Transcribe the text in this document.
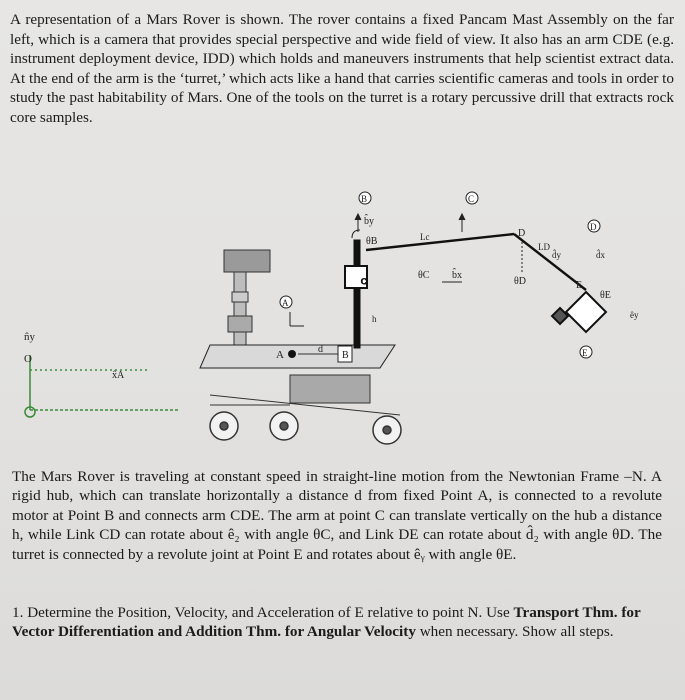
A representation of a Mars Rover is shown. The rover contains a fixed Pancam Mast Assembly on the far left, which is a camera that provides special perspective and wide field of view. It also has an arm CDE (e.g. instrument deployment device, IDD) which holds and maneuvers instruments that help scientist extract data. At the end of the arm is the ‘turret,’ which acts like a hand that carries scientific cameras and tools in order to study the past habitability of Mars. One of the tools on the turret is a rotary percussive drill that extracts rock core samples.
n̂y
O
x̂A
A	d
B
A
B	C
D
E
C
h
b̂y
θB	Lc
θC b̂x
D
θD
LD
d̂y	d̂x
E
θE
êy

The Mars Rover is traveling at constant speed in straight-line motion from the Newtonian Frame –N. A rigid hub, which can translate horizontally a distance d from fixed Point A, is connected to a revolute motor at Point B and connects arm CDE. The arm at point C can translate vertically on the hub a distance h, while Link CD can rotate about ê₂ with angle θC, and Link DE can rotate about d̂₂ with angle θD. The turret is connected by a revolute joint at Point E and rotates about êᵧ with angle θE.

1. Determine the Position, Velocity, and Acceleration of E relative to point N. Use Transport Thm. for Vector Differentiation and Addition Thm. for Angular Velocity when necessary. Show all steps.
